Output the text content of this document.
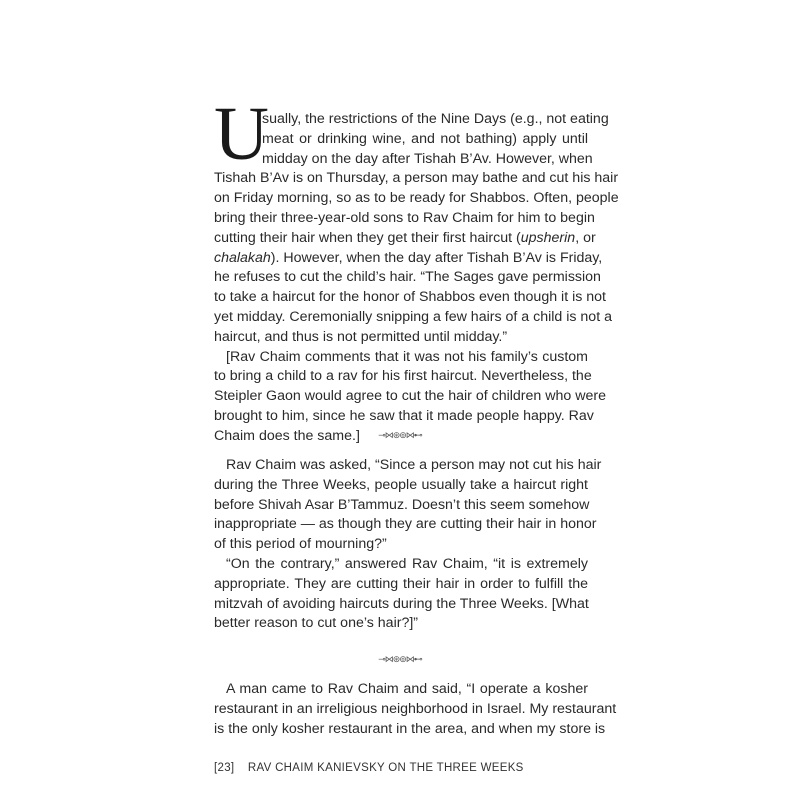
U
sually, the restrictions of the Nine Days (e.g., not eating
meat or drinking wine, and not bathing) apply until
midday on the day after Tishah B’Av. However, when
Tishah B’Av is on Thursday, a person may bathe and cut his hair
on Friday morning, so as to be ready for Shabbos. Often, people
bring their three-year-old sons to Rav Chaim for him to begin
cutting their hair when they get their first haircut (upsherin, or
chalakah). However, when the day after Tishah B’Av is Friday,
he refuses to cut the child’s hair. “The Sages gave permission
to take a haircut for the honor of Shabbos even though it is not
yet midday. Ceremonially snipping a few hairs of a child is not a
haircut, and thus is not permitted until midday.”
[Rav Chaim comments that it was not his family’s custom
to bring a child to a rav for his first haircut. Nevertheless, the
Steipler Gaon would agree to cut the hair of children who were
brought to him, since he saw that it made people happy. Rav
Chaim does the same.]	⊸⋈⊛⊚⋈⊷
Rav Chaim was asked, “Since a person may not cut his hair
during the Three Weeks, people usually take a haircut right
before Shivah Asar B’Tammuz. Doesn’t this seem somehow
inappropriate — as though they are cutting their hair in honor
of this period of mourning?”
“On the contrary,” answered Rav Chaim, “it is extremely
appropriate. They are cutting their hair in order to fulfill the
mitzvah of avoiding haircuts during the Three Weeks. [What
better reason to cut one’s hair?]”
⊸⋈⊛⊚⋈⊷
A man came to Rav Chaim and said, “I operate a kosher
restaurant in an irreligious neighborhood in Israel. My restaurant
is the only kosher restaurant in the area, and when my store is
[23] RAV CHAIM KANIEVSKY ON THE THREE WEEKS
